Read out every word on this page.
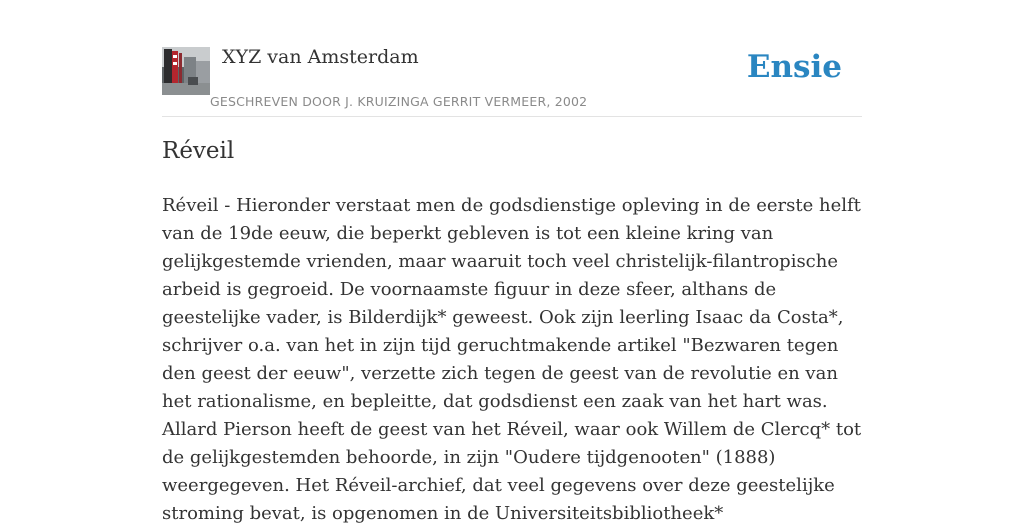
XYZ van Amsterdam
GESCHREVEN DOOR J. KRUIZINGA GERRIT VERMEER, 2002
Ensie
Réveil

Réveil - Hieronder verstaat men de godsdienstige opleving in de eerste helft van de 19de eeuw, die beperkt gebleven is tot een kleine kring van gelijkgestemde vrienden, maar waaruit toch veel christelijk-filantropische arbeid is gegroeid. De voornaamste figuur in deze sfeer, althans de geestelijke vader, is Bilderdijk* geweest. Ook zijn leerling Isaac da Costa*, schrijver o.a. van het in zijn tijd geruchtmakende artikel "Bezwaren tegen den geest der eeuw", verzette zich tegen de geest van de revolutie en van het rationalisme, en bepleitte, dat godsdienst een zaak van het hart was. Allard Pierson heeft de geest van het Réveil, waar ook Willem de Clercq* tot de gelijkgestemden behoorde, in zijn "Oudere tijdgenooten" (1888) weergegeven. Het Réveil-archief, dat veel gegevens over deze geestelijke stroming bevat, is opgenomen in de Universiteitsbibliotheek*
